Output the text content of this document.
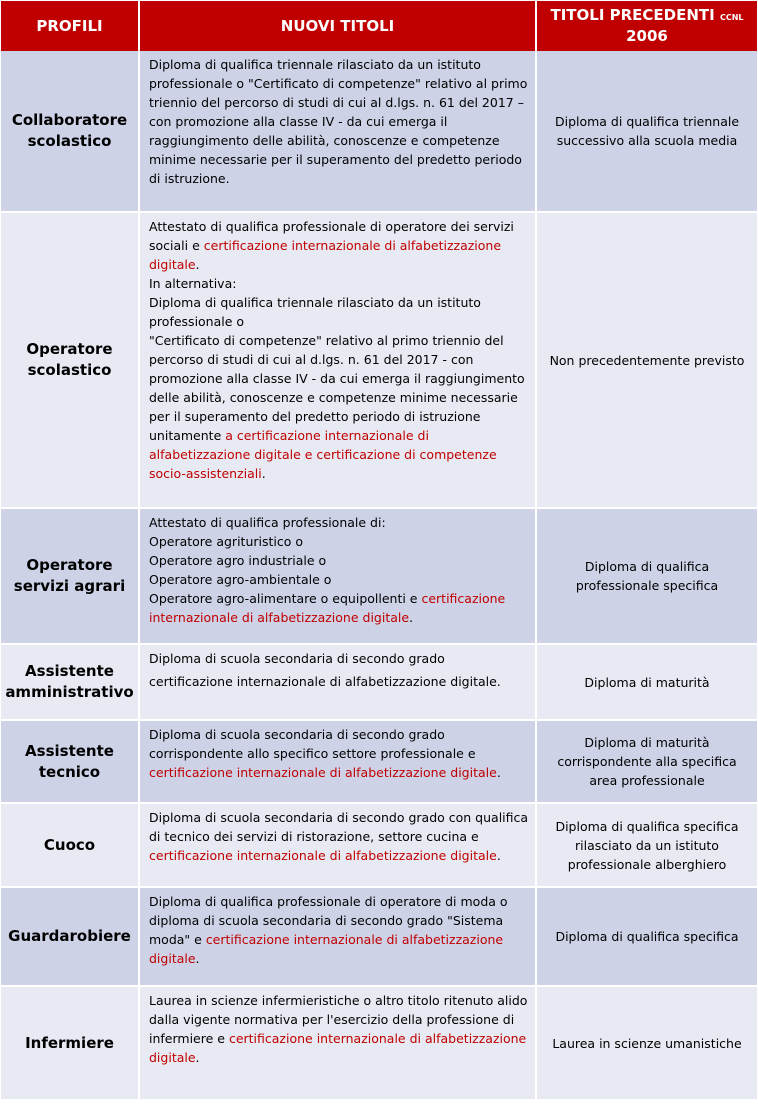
PROFILI	NUOVI TITOLI	TITOLI PRECEDENTI CCNL
2006
Collaboratore scolastico	Diploma di qualifica triennale rilasciato da un istituto professionale o "Certificato di competenze" relativo al primo triennio del percorso di studi di cui al d.lgs. n. 61 del 2017 – con promozione alla classe IV - da cui emerga il raggiungimento delle abilità, conoscenze e competenze minime necessarie per il superamento del predetto periodo di istruzione.	Diploma di qualifica triennale successivo alla scuola media
Operatore scolastico	Attestato di qualifica professionale di operatore dei servizi sociali e certificazione internazionale di alfabetizzazione digitale.
In alternativa:
Diploma di qualifica triennale rilasciato da un istituto professionale o
"Certificato di competenze" relativo al primo triennio del percorso di studi di cui al d.lgs. n. 61 del 2017 - con promozione alla classe IV - da cui emerga il raggiungimento delle abilità, conoscenze e competenze minime necessarie per il superamento del predetto periodo di istruzione unitamente a certificazione internazionale di alfabetizzazione digitale e certificazione di competenze socio-assistenziali.	Non precedentemente previsto
Operatore servizi agrari	Attestato di qualifica professionale di:
Operatore agrituristico o
Operatore agro industriale o
Operatore agro-ambientale o
Operatore agro-alimentare o equipollenti e certificazione internazionale di alfabetizzazione digitale.	Diploma di qualifica professionale specifica
Assistente amministrativo	Diploma di scuola secondaria di secondo grado
certificazione internazionale di alfabetizzazione digitale.	Diploma di maturità
Assistente tecnico	Diploma di scuola secondaria di secondo grado corrispondente allo specifico settore professionale e certificazione internazionale di alfabetizzazione digitale.	Diploma di maturità corrispondente alla specifica area professionale
Cuoco	Diploma di scuola secondaria di secondo grado con qualifica di tecnico dei servizi di ristorazione, settore cucina e certificazione internazionale di alfabetizzazione digitale.	Diploma di qualifica specifica rilasciato da un istituto professionale alberghiero
Guardarobiere	Diploma di qualifica professionale di operatore di moda o diploma di scuola secondaria di secondo grado "Sistema moda" e certificazione internazionale di alfabetizzazione digitale.	Diploma di qualifica specifica
Infermiere	Laurea in scienze infermieristiche o altro titolo ritenuto alido dalla vigente normativa per l'esercizio della professione di infermiere e certificazione internazionale di alfabetizzazione digitale.	Laurea in scienze umanistiche
